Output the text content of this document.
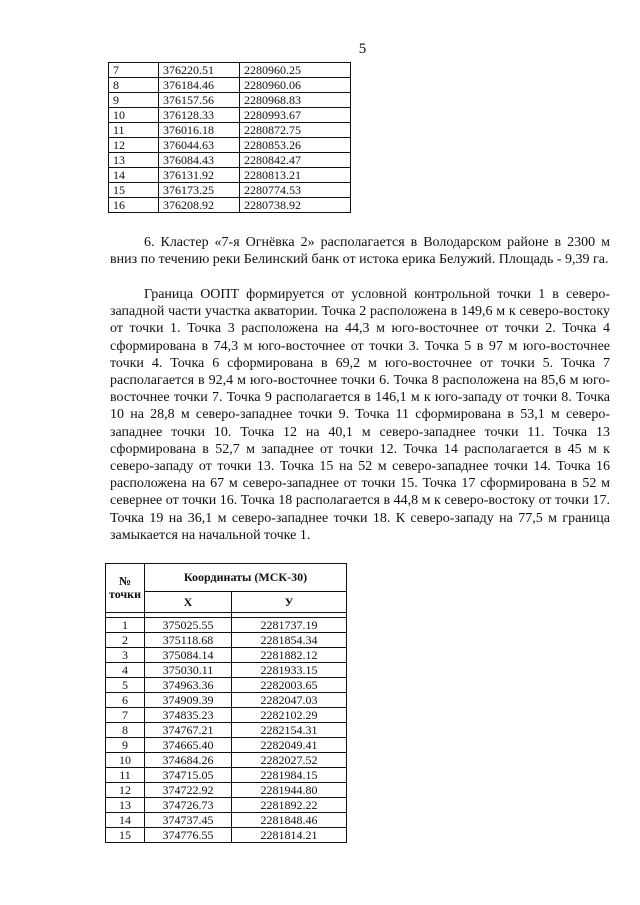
5
7	376220.51	2280960.25
8	376184.46	2280960.06
9	376157.56	2280968.83
10	376128.33	2280993.67
11	376016.18	2280872.75
12	376044.63	2280853.26
13	376084.43	2280842.47
14	376131.92	2280813.21
15	376173.25	2280774.53
16	376208.92	2280738.92

6. Кластер «7-я Огнёвка 2» располагается в Володарском районе в 2300 м вниз по течению реки Белинский банк от истока ерика Белужий. Площадь - 9,39 га.

Граница ООПТ формируется от условной контрольной точки 1 в северо-западной части участка акватории. Точка 2 расположена в 149,6 м к северо-востоку от точки 1. Точка 3 расположена на 44,3 м юго-восточнее от точки 2. Точка 4 сформирована в 74,3 м юго-восточнее от точки 3. Точка 5 в 97 м юго-восточнее точки 4. Точка 6 сформирована в 69,2 м юго-восточнее от точки 5. Точка 7 располагается в 92,4 м юго-восточнее точки 6. Точка 8 расположена на 85,6 м юго-восточнее точки 7. Точка 9 располагается в 146,1 м к юго-западу от точки 8. Точка 10 на 28,8 м северо-западнее точки 9. Точка 11 сформирована в 53,1 м северо-западнее точки 10. Точка 12 на 40,1 м северо-западнее точки 11. Точка 13 сформирована в 52,7 м западнее от точки 12. Точка 14 располагается в 45 м к северо-западу от точки 13. Точка 15 на 52 м северо-западнее точки 14. Точка 16 расположена на 67 м северо-западнее от точки 15. Точка 17 сформирована в 52 м севернее от точки 16. Точка 18 располагается в 44,8 м к северо-востоку от точки 17. Точка 19 на 36,1 м северо-западнее точки 18. К северо-западу на 77,5 м граница замыкается на начальной точке 1.

№ точки	Координаты (МСК-30)	
	X	У

1	375025.55	2281737.19
2	375118.68	2281854.34
3	375084.14	2281882.12
4	375030.11	2281933.15
5	374963.36	2282003.65
6	374909.39	2282047.03
7	374835.23	2282102.29
8	374767.21	2282154.31
9	374665.40	2282049.41
10	374684.26	2282027.52
11	374715.05	2281984.15
12	374722.92	2281944.80
13	374726.73	2281892.22
14	374737.45	2281848.46
15	374776.55	2281814.21
